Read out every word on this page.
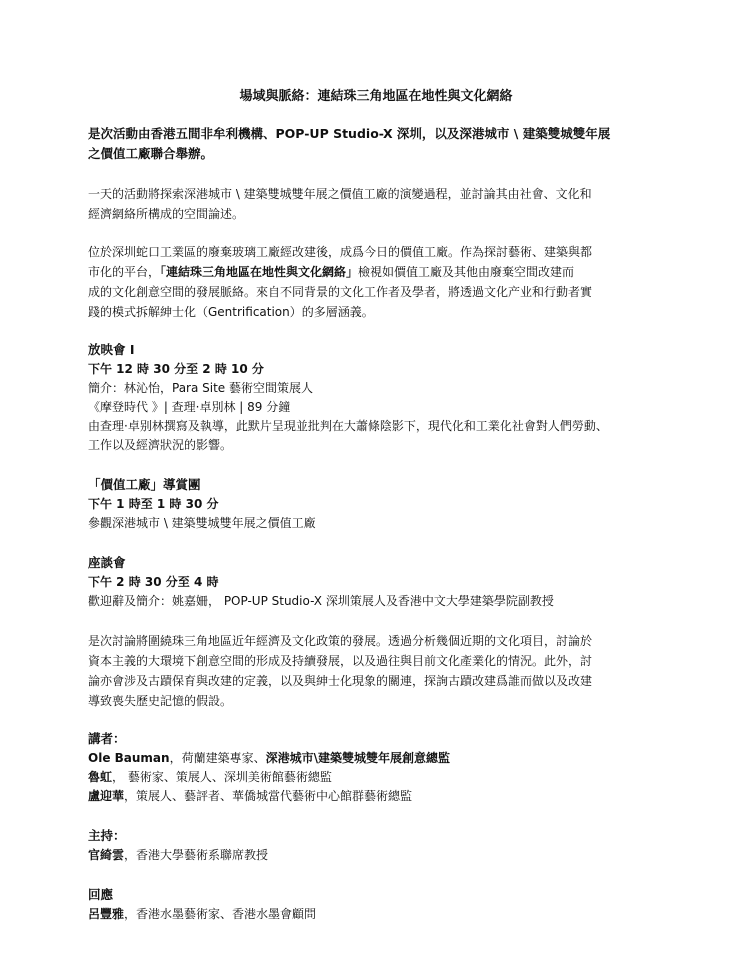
場域與脈絡：連結珠三角地區在地性與文化網絡
是次活動由香港五間非牟利機構、POP-UP Studio-X 深圳，以及深港城市 \ 建築雙城雙年展
之價值工廠聯合舉辦。

一天的活動將探索深港城市 \ 建築雙城雙年展之價值工廠的演變過程，並討論其由社會、文化和

經濟網絡所構成的空間論述。

位於深圳蛇口工業區的廢棄玻璃工廠經改建後，成爲今日的價值工廠。作為探討藝術、建築與都

市化的平台，「連結珠三角地區在地性與文化網絡」檢視如價值工廠及其他由廢棄空間改建而

成的文化創意空間的發展脈絡。來自不同背景的文化工作者及學者，將透過文化产业和行動者實

踐的模式拆解紳士化（Gentrification）的多層涵義。

放映會 I
下午 12 時 30 分至 2 時 10 分
簡介：林沁怡，Para Site 藝術空間策展人
《摩登時代 》| 查理·卓別林 | 89 分鐘
由查理·卓别林撰寫及執導，此默片呈現並批判在大蕭條陰影下，現代化和工業化社會對人們勞動、
工作以及經濟狀況的影響。
「價值工廠」導賞團
下午 1 時至 1 時 30 分
參觀深港城市 \ 建築雙城雙年展之價值工廠
座談會
下午 2 時 30 分至 4 時
歡迎辭及簡介：姚嘉姍， POP-UP Studio-X 深圳策展人及香港中文大學建築學院副教授

是次討論將圍繞珠三角地區近年經濟及文化政策的發展。透過分析幾個近期的文化項目，討論於

資本主義的大環境下創意空間的形成及持續發展，以及過往與目前文化產業化的情況。此外，討

論亦會涉及古蹟保育與改建的定義，以及與紳士化現象的關連，探詢古蹟改建爲誰而做以及改建

導致喪失歷史記憶的假設。

講者：
Ole Bauman，荷蘭建築專家、深港城市\建築雙城雙年展創意總監
魯虹， 藝術家、策展人、深圳美術館藝術總監
盧迎華，策展人、藝評者、華僑城當代藝術中心館群藝術總監
主持：
官綺雲，香港大學藝術系聯席教授
回應
呂豐雅，香港水墨藝術家、香港水墨會顧問
